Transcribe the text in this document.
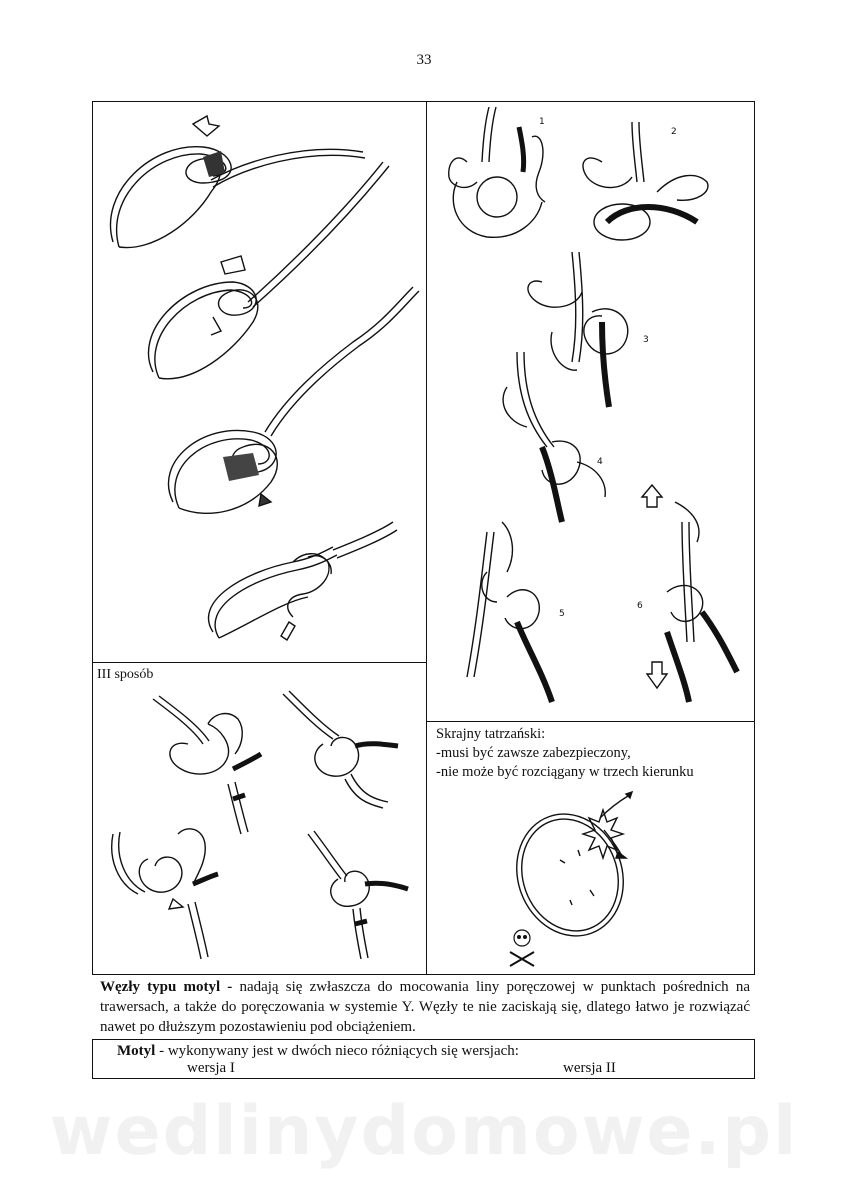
33
1
2
3
4
5
6
III sposób
Skrajny tatrzański:
-musi być zawsze zabezpieczony,
-nie może być rozciągany w trzech kierunku
Węzły typu motyl - nadają się zwłaszcza do mocowania liny poręczowej w punktach pośrednich na trawersach, a także do poręczowania w systemie Y. Węzły te nie zaciskają się, dlatego łatwo je rozwiązać nawet po dłuższym pozostawieniu pod obciążeniem.
Motyl - wykonywany jest w dwóch nieco różniących się wersjach:
wersja I	wersja II
wedlinydomowe.pl
